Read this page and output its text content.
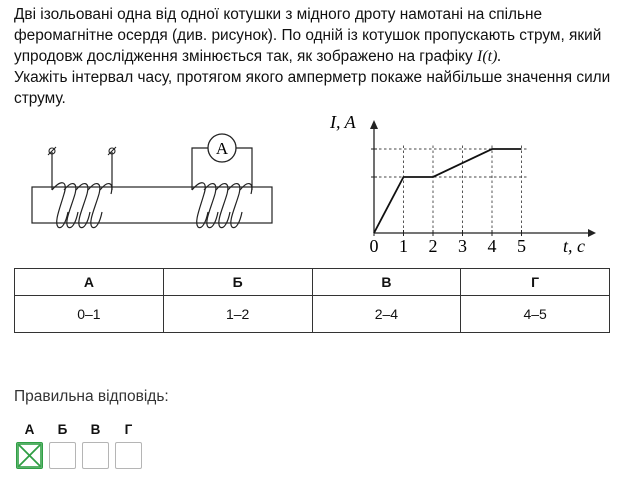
Дві ізольовані одна від одної котушки з мідного дроту намотані на спільне феромагнітне осердя (див. рисунок). По одній із котушок пропускають струм, який упродовж дослідження змінюється так, як зображено на графіку I(t).

Укажіть інтервал часу, протягом якого амперметр покаже найбільше значення сили струму.

A
0 1 2 3 4 5
I, A
t, c
А	Б	В	Г
0–1	1–2	2–4	4–5
Правильна відповідь:
А	Б	В	Г
